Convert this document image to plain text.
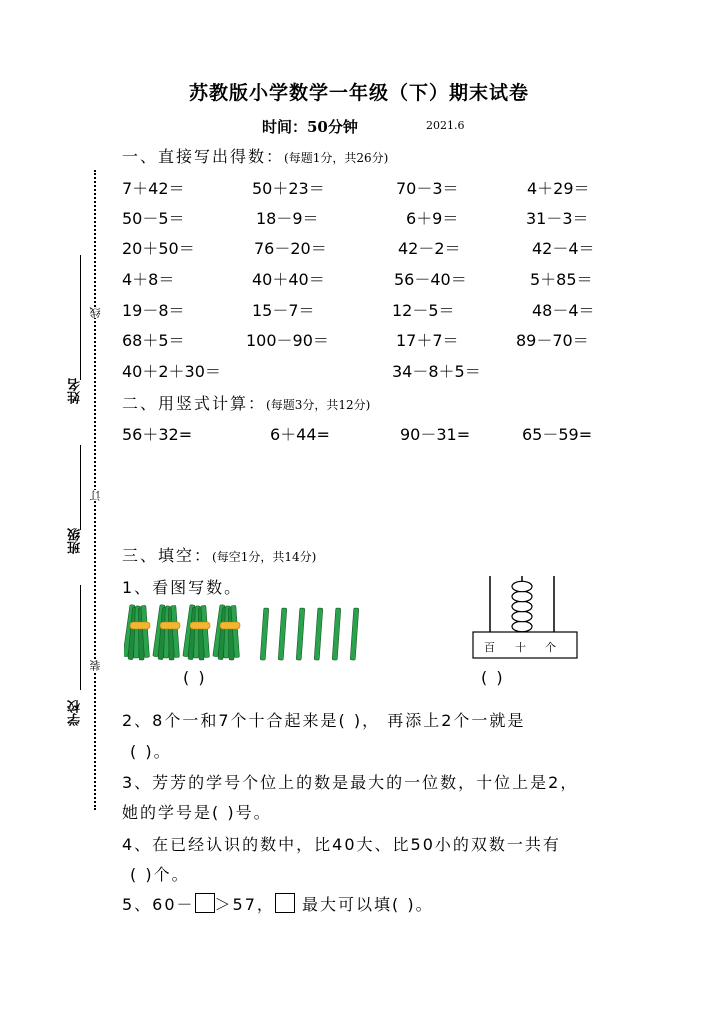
苏教版小学数学一年级（下）期末试卷
时间：50分钟	2021.6
姓名
班级
学校
线
订
装
一、直接写出得数：(每题1分，共26分)
7＋42＝	50＋23＝	70－3＝	4＋29＝
50－5＝	18－9＝	6＋9＝	31－3＝
20＋50＝	76－20＝	42－2＝	42－4＝
4＋8＝	40＋40＝	56－40＝	5＋85＝
19－8＝	15－7＝	12－5＝	48－4＝
68＋5＝	100－90＝	17＋7＝	89－70＝
40＋2＋30＝	34－8＋5＝
二、用竖式计算：(每题3分，共12分)
56＋32=	6＋44=	90－31=	65－59=
三、填空：(每空1分，共14分)
1、看图写数。
百 十 个
( )	( )
2、8个一和7个十合起来是( )， 再添上2个一就是
( )。
3、芳芳的学号个位上的数是最大的一位数，十位上是2，
她的学号是( )号。
4、在已经认识的数中，比40大、比50小的双数一共有
( )个。
5、60－ ＞57， 最大可以填( )。
